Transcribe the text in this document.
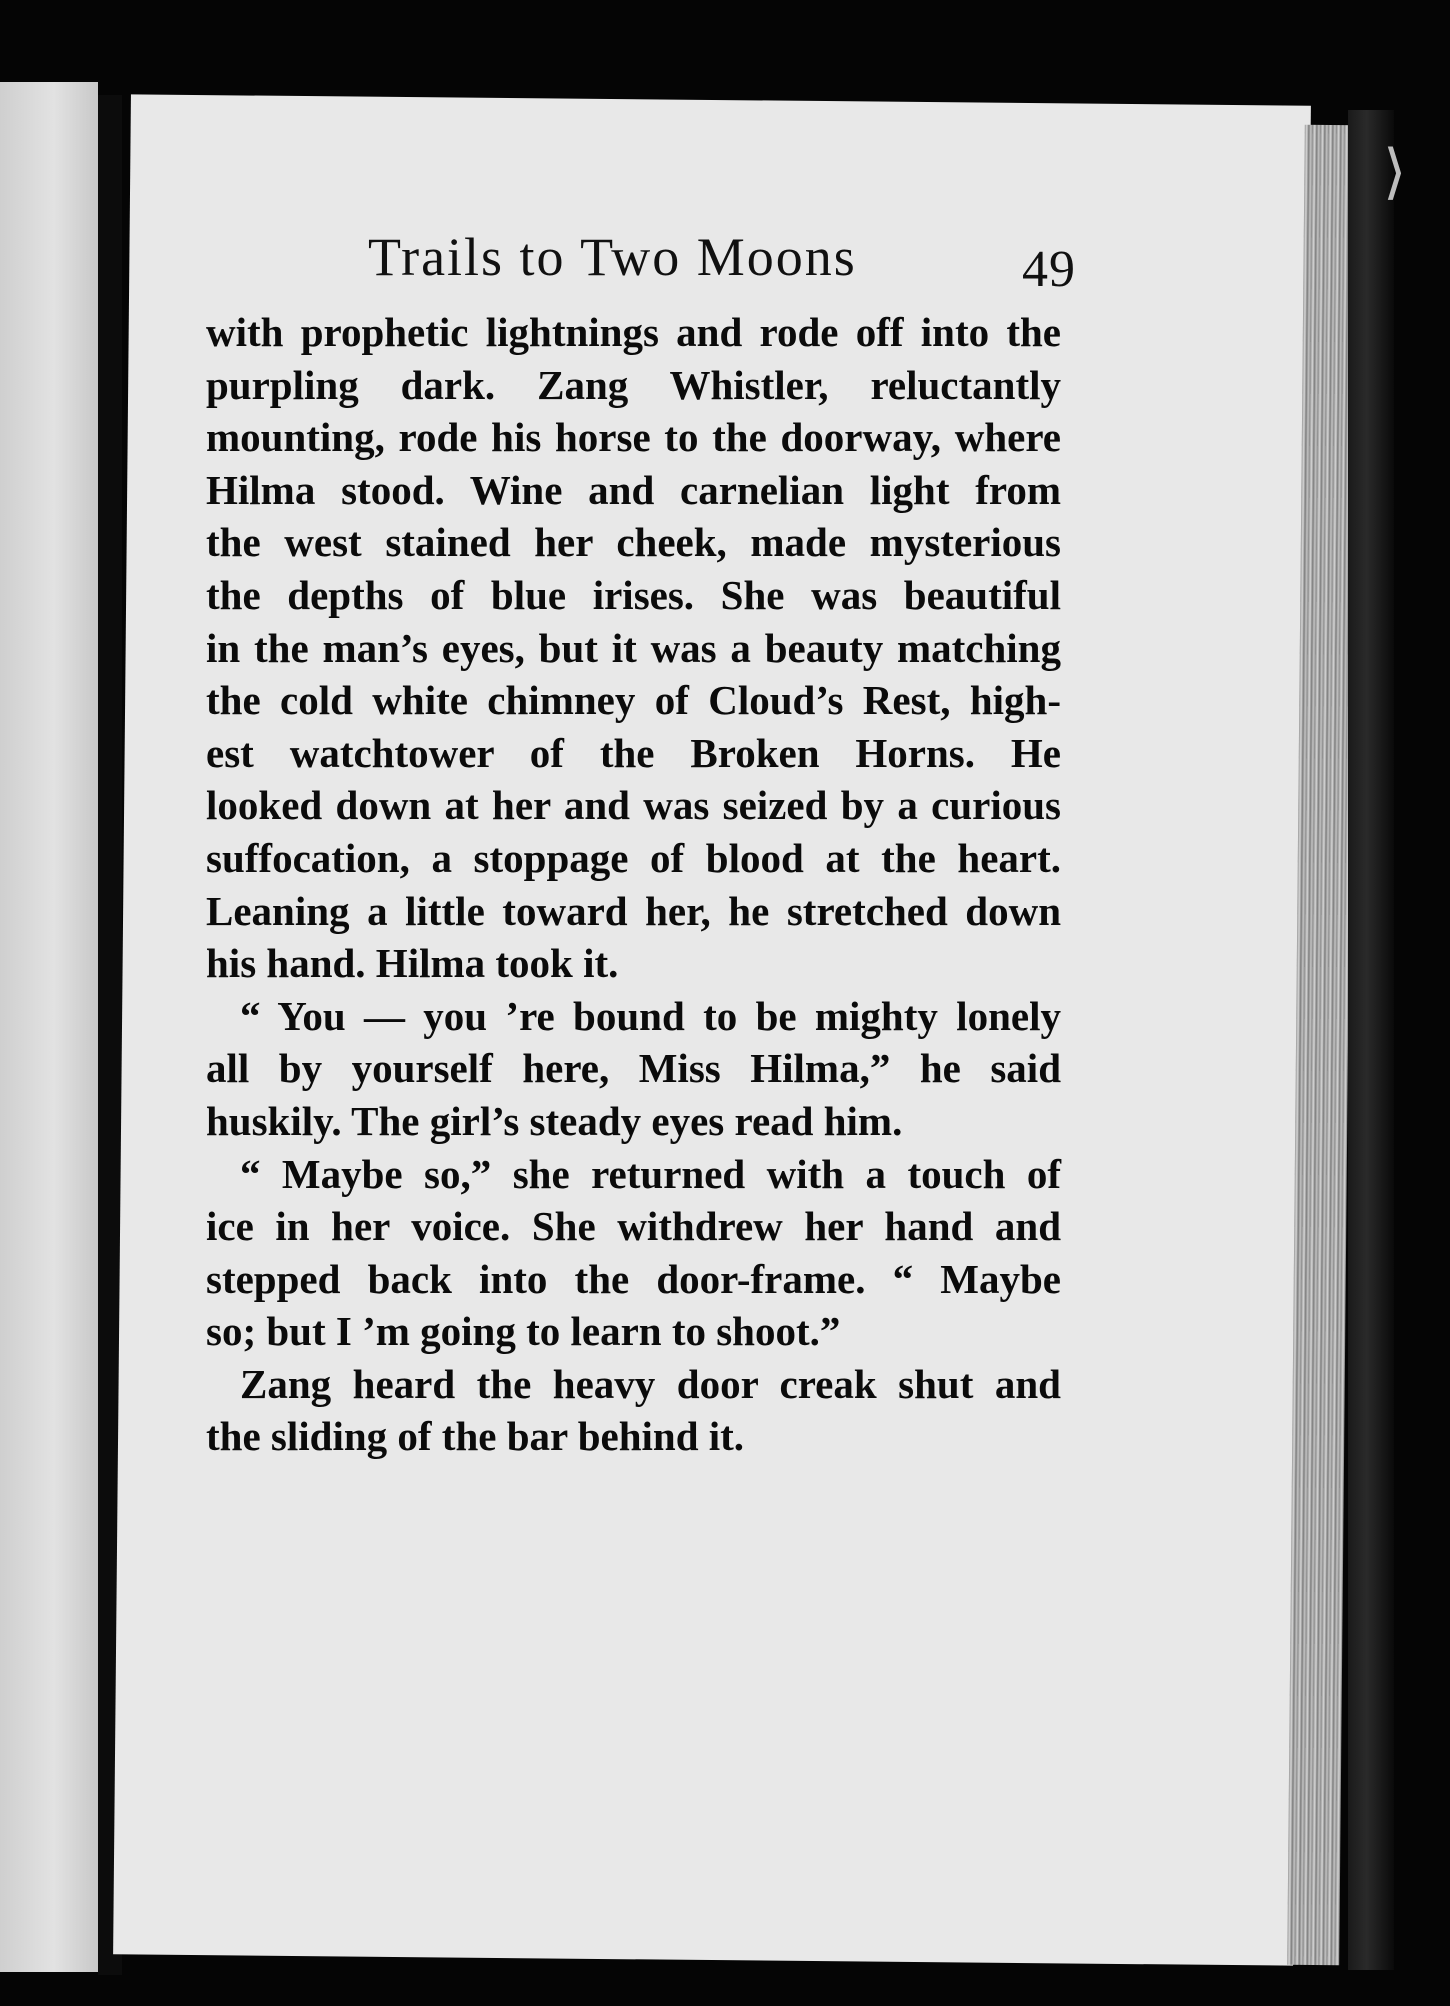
⟩
Trails to Two Moons	49
with prophetic lightnings and rode off into the
purpling dark. Zang Whistler, reluctantly
mounting, rode his horse to the doorway, where
Hilma stood. Wine and carnelian light from
the west stained her cheek, made mysterious
the depths of blue irises. She was beautiful
in the man’s eyes, but it was a beauty matching
the cold white chimney of Cloud’s Rest, high-
est watchtower of the Broken Horns. He
looked down at her and was seized by a curious
suffocation, a stoppage of blood at the heart.
Leaning a little toward her, he stretched down
his hand. Hilma took it.
“ You — you ’re bound to be mighty lonely
all by yourself here, Miss Hilma,” he said
huskily. The girl’s steady eyes read him.
“ Maybe so,” she returned with a touch of
ice in her voice. She withdrew her hand and
stepped back into the door-frame. “ Maybe
so; but I ’m going to learn to shoot.”
Zang heard the heavy door creak shut and
the sliding of the bar behind it.
